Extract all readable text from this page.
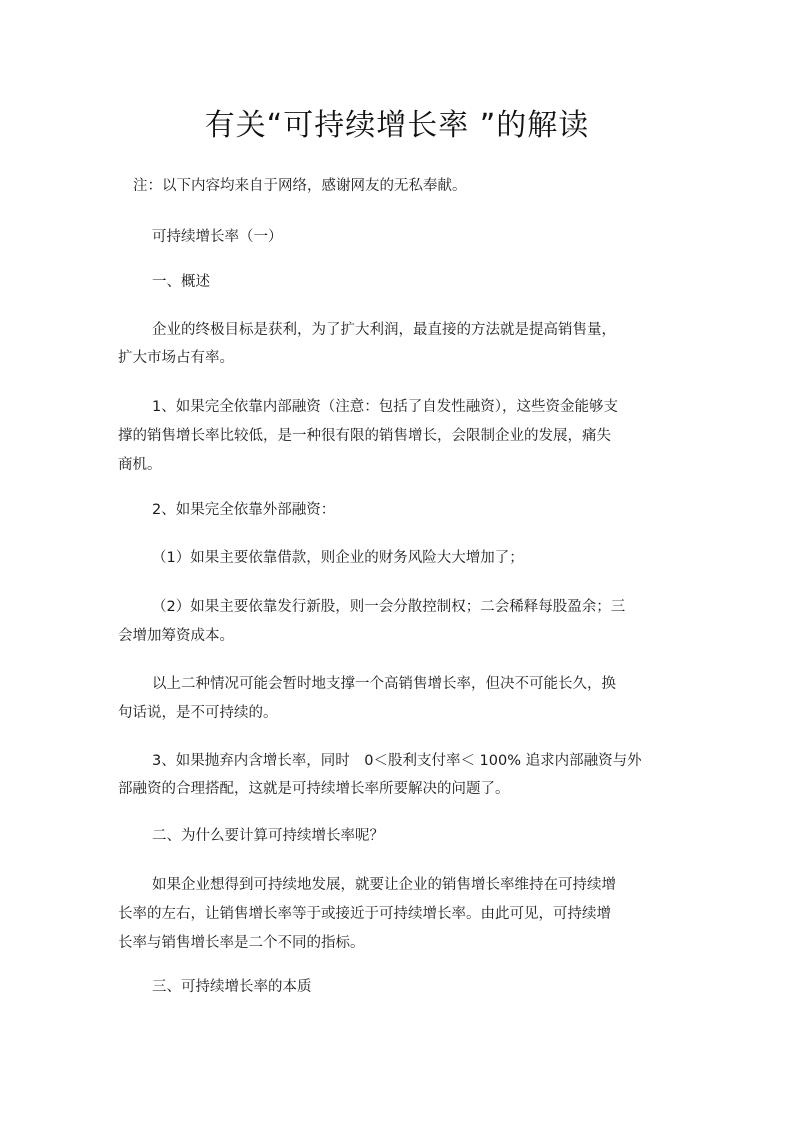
有关“可持续增长率 ”的解读
注：以下内容均来自于网络，感谢网友的无私奉献。
可持续增长率（一）
一、概述
企业的终极目标是获利，为了扩大利润，最直接的方法就是提高销售量，
扩大市场占有率。
1、如果完全依靠内部融资（注意：包括了自发性融资），这些资金能够支
撑的销售增长率比较低，是一种很有限的销售增长，会限制企业的发展，痛失
商机。
2、如果完全依靠外部融资：
（1）如果主要依靠借款，则企业的财务风险大大增加了；
（2）如果主要依靠发行新股，则一会分散控制权；二会稀释每股盈余；三
会增加筹资成本。
以上二种情况可能会暂时地支撑一个高销售增长率，但决不可能长久，换
句话说，是不可持续的。
3、如果抛弃内含增长率，同时　0＜股利支付率＜ 100% 追求内部融资与外
部融资的合理搭配，这就是可持续增长率所要解决的问题了。
二、为什么要计算可持续增长率呢？
如果企业想得到可持续地发展，就要让企业的销售增长率维持在可持续增
长率的左右，让销售增长率等于或接近于可持续增长率。由此可见，可持续增
长率与销售增长率是二个不同的指标。
三、可持续增长率的本质
